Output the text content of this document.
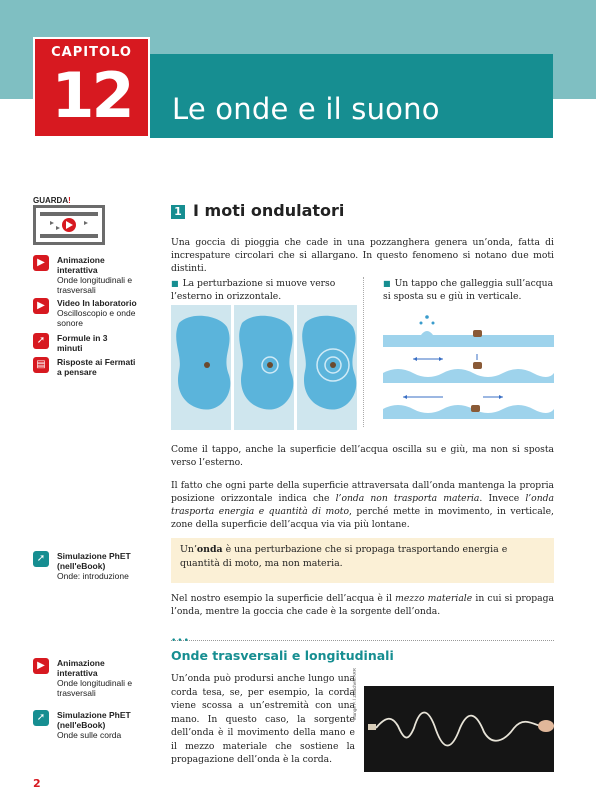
Le onde e il suono
CAPITOLO
12
GUARDA!
▶	Animazione interattiva
Onde longitudinali e trasversali
▶	Video In laboratorio
Oscilloscopio e onde sonore
➚	Formule in 3 minuti
▤	Risposte ai Fermati a pensare
➚	Simulazione PhET (nell'eBook)
Onde: introduzione
▶	Animazione interattiva
Onde longitudinali e trasversali
➚	Simulazione PhET (nell'eBook)
Onde sulle corda
1 I moti ondulatori
Una goccia di pioggia che cade in una pozzanghera genera un’onda, fatta di increspature circolari che si allargano. In questo fenomeno si notano due moti distinti.
■ La perturbazione si muove verso l’esterno in orizzontale.
■ Un tappo che galleggia sull’acqua si sposta su e giù in verticale.
Come il tappo, anche la superficie dell’acqua oscilla su e giù, ma non si sposta verso l’esterno.
Il fatto che ogni parte della superficie attraversata dall’onda mantenga la propria posizione orizzontale indica che l’onda non trasporta materia. Invece l’onda trasporta energia e quantità di moto, perché mette in movimento, in verticale, zone della superficie dell’acqua via via più lontane.
Un’onda è una perturbazione che si propaga trasportando energia e quantità di moto, ma non materia.
Nel nostro esempio la superficie dell’acqua è il mezzo materiale in cui si propaga l’onda, mentre la goccia che cade è la sorgente dell’onda.
•••
Onde trasversali e longitudinali
Un’onda può prodursi anche lungo una corda tesa, se, per esempio, la corda viene scossa a un’estremità con una mano. In questo caso, la sorgente dell’onda è il movimento della mano e il mezzo materiale che sostiene la propagazione dell’onda è la corda.
Mango P. / Zanichelli ARR
2
